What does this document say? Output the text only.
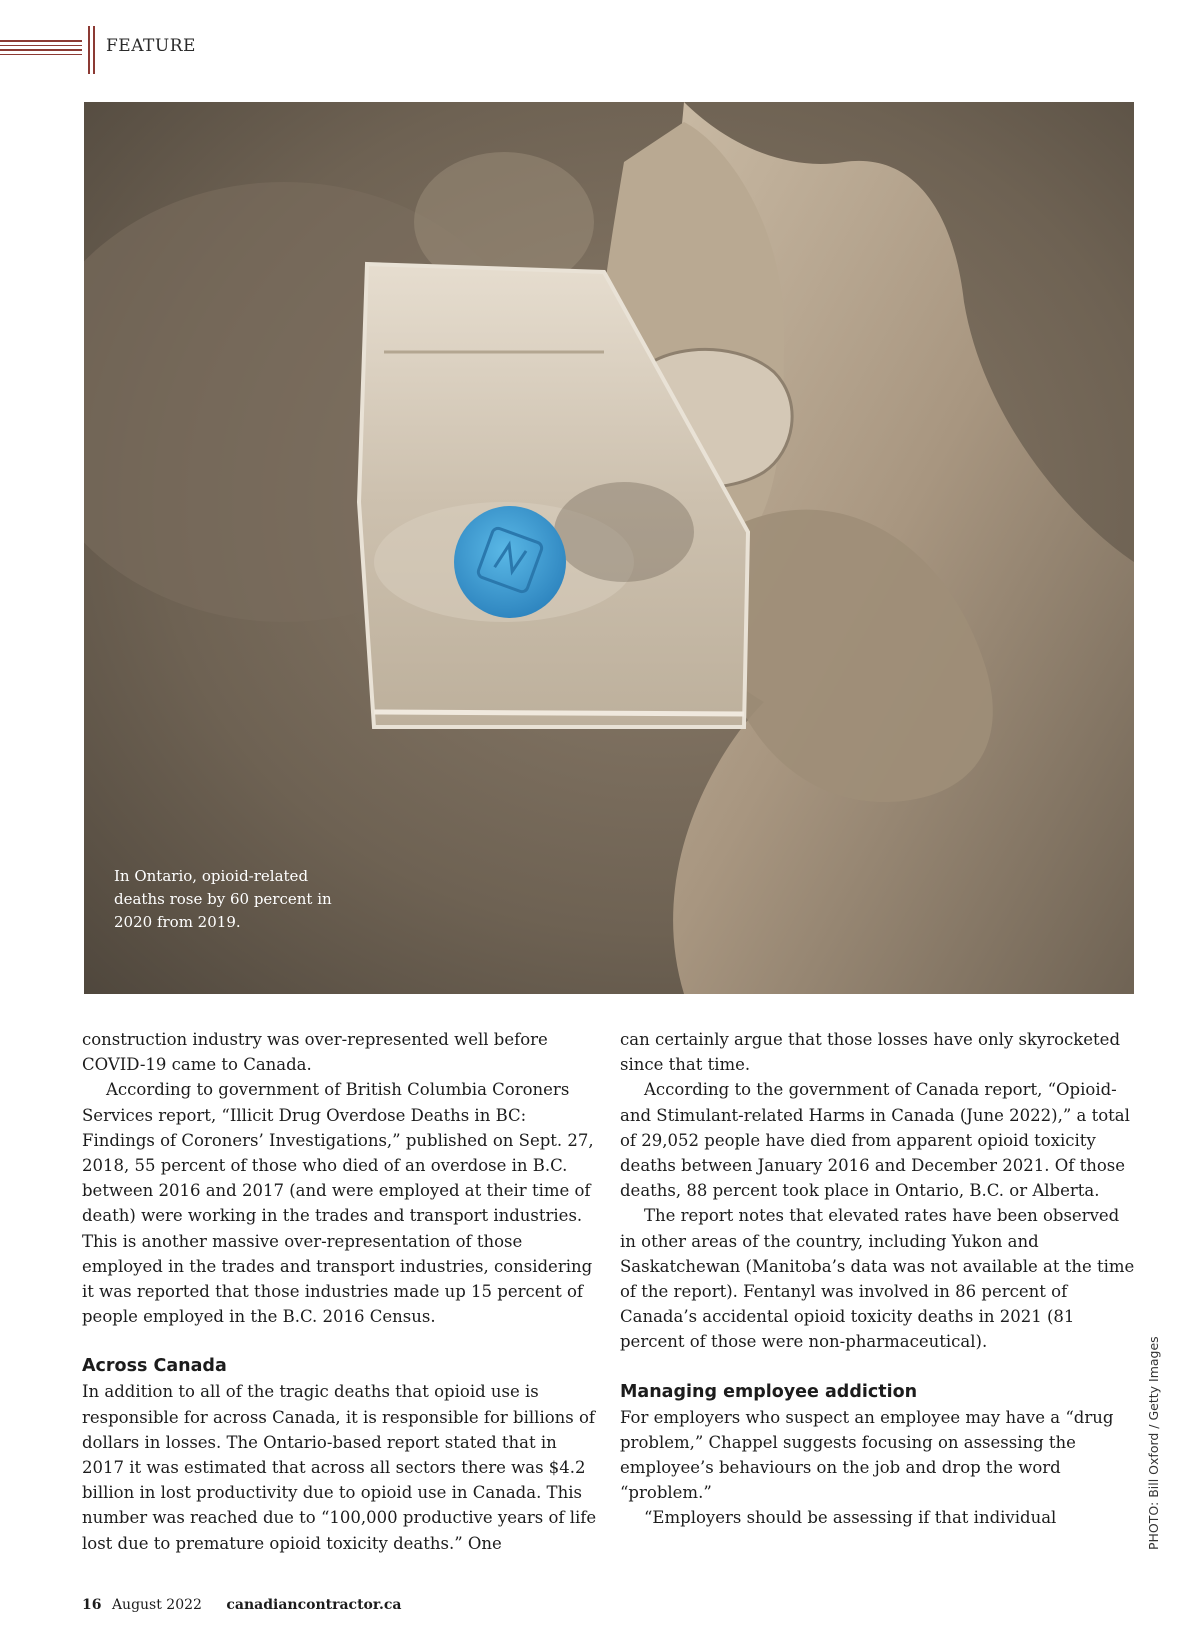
FEATURE
In Ontario, opioid-related deaths rose by 60 percent in 2020 from 2019.

construction industry was over-represented well before COVID-19 came to Canada.

According to government of British Columbia Coroners Services report, “Illicit Drug Overdose Deaths in BC: Findings of Coroners’ Investigations,” published on Sept. 27, 2018, 55 percent of those who died of an overdose in B.C. between 2016 and 2017 (and were employed at their time of death) were working in the trades and transport industries. This is another massive over-representation of those employed in the trades and transport industries, considering it was reported that those industries made up 15 percent of people employed in the B.C. 2016 Census.

Across Canada

In addition to all of the tragic deaths that opioid use is responsible for across Canada, it is responsible for billions of dollars in losses. The Ontario-based report stated that in 2017 it was estimated that across all sectors there was $4.2 billion in lost productivity due to opioid use in Canada. This number was reached due to “100,000 productive years of life lost due to premature opioid toxicity deaths.” One

can certainly argue that those losses have only skyrocketed since that time.

According to the government of Canada report, “Opioid- and Stimulant-related Harms in Canada (June 2022),” a total of 29,052 people have died from apparent opioid toxicity deaths between January 2016 and December 2021. Of those deaths, 88 percent took place in Ontario, B.C. or Alberta.

The report notes that elevated rates have been observed in other areas of the country, including Yukon and Saskatchewan (Manitoba’s data was not available at the time of the report). Fentanyl was involved in 86 percent of Canada’s accidental opioid toxicity deaths in 2021 (81 percent of those were non-pharmaceutical).

Managing employee addiction

For employers who suspect an employee may have a “drug problem,” Chappel suggests focusing on assessing the employee’s behaviours on the job and drop the word “problem.”

“Employers should be assessing if that individual	PHOTO: Bill Oxford / Getty Images
16 August 2022 canadiancontractor.ca
